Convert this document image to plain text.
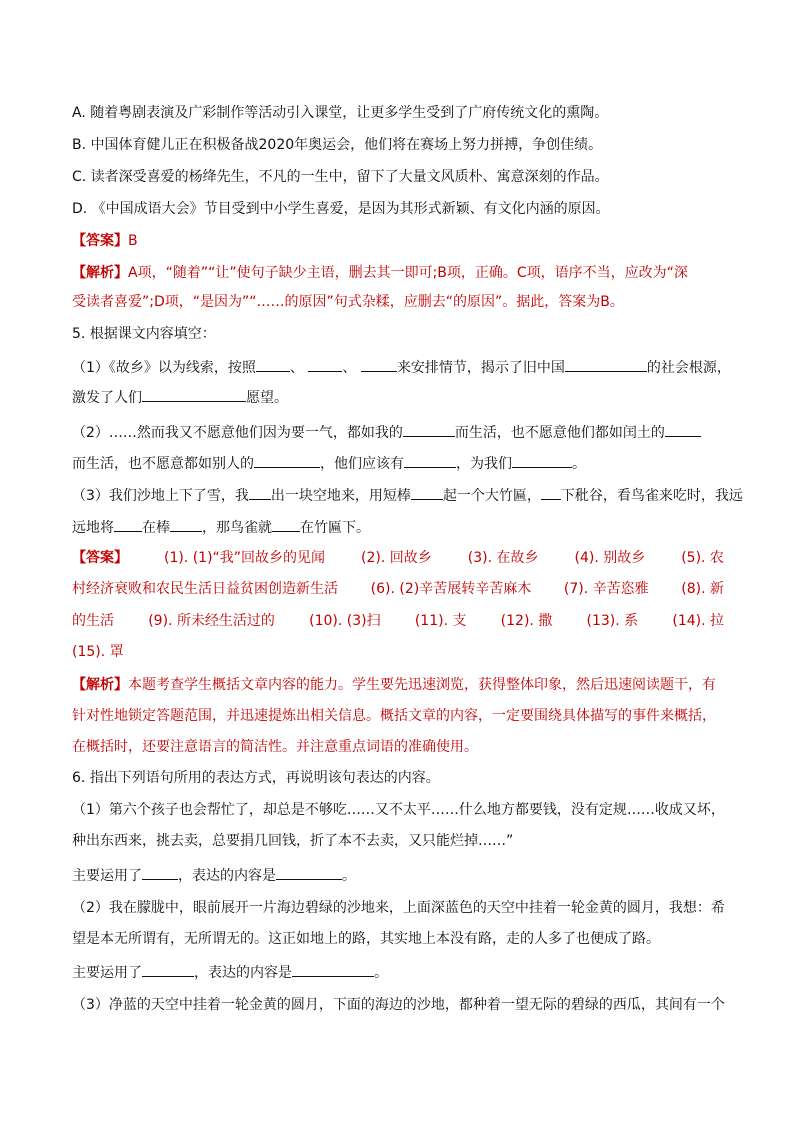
A. 随着粤剧表演及广彩制作等活动引入课堂，让更多学生受到了广府传统文化的熏陶。
B. 中国体育健儿正在积极备战2020年奥运会，他们将在赛场上努力拼搏，争创佳绩。
C. 读者深受喜爱的杨绛先生，不凡的一生中，留下了大量文风质朴、寓意深刻的作品。
D. 《中国成语大会》节目受到中小学生喜爱，是因为其形式新颖、有文化内涵的原因。
【答案】B
【解析】A项，“随着”“让”使句子缺少主语，删去其一即可;B项，正确。C项，语序不当，应改为“深
受读者喜爱”;D项，“是因为”“……的原因”句式杂糅，应删去“的原因”。据此，答案为B。
5. 根据课文内容填空：
（1）《故乡》以为线索，按照 、	、	来安排情节，揭示了旧中国	的社会根源，
激发了人们	愿望。
（2）……然而我又不愿意他们因为要一气，都如我的	而生活，也不愿意他们都如闰土的
而生活，也不愿意都如别人的	，他们应该有	，为我们	。
（3）我们沙地上下了雪，我 出一块空地来，用短棒 起一个大竹匾， 下秕谷，看鸟雀来吃时，我远
远地将 在棒 ，那鸟雀就 在竹匾下。
【答案】	(1). (1)“我”回故乡的见闻	(2). 回故乡	(3). 在故乡	(4). 别故乡	(5). 农
村经济衰败和农民生活日益贫困创造新生活 (6). (2)辛苦展转辛苦麻木 (7). 辛苦恣雅 (8). 新
的生活 (9). 所未经生活过的 (10). (3)扫 (11). 支 (12). 撒 (13). 系 (14). 拉
(15). 罩
【解析】本题考查学生概括文章内容的能力。学生要先迅速浏览，获得整体印象，然后迅速阅读题干，有
针对性地锁定答题范围，并迅速提炼出相关信息。概括文章的内容，一定要围绕具体描写的事件来概括，
在概括时，还要注意语言的简洁性。并注意重点词语的准确使用。
6. 指出下列语句所用的表达方式，再说明该句表达的内容。
（1）第六个孩子也会帮忙了，却总是不够吃……又不太平……什么地方都要钱，没有定规……收成又坏，
种出东西来，挑去卖，总要捐几回钱，折了本不去卖，又只能烂掉……”
主要运用了	，表达的内容是	。
（2）我在朦胧中，眼前展开一片海边碧绿的沙地来，上面深蓝色的天空中挂着一轮金黄的圆月，我想：希
望是本无所谓有，无所谓无的。这正如地上的路，其实地上本没有路，走的人多了也便成了路。
主要运用了	，表达的内容是	。
（3）净蓝的天空中挂着一轮金黄的圆月，下面的海边的沙地，都种着一望无际的碧绿的西瓜，其间有一个
